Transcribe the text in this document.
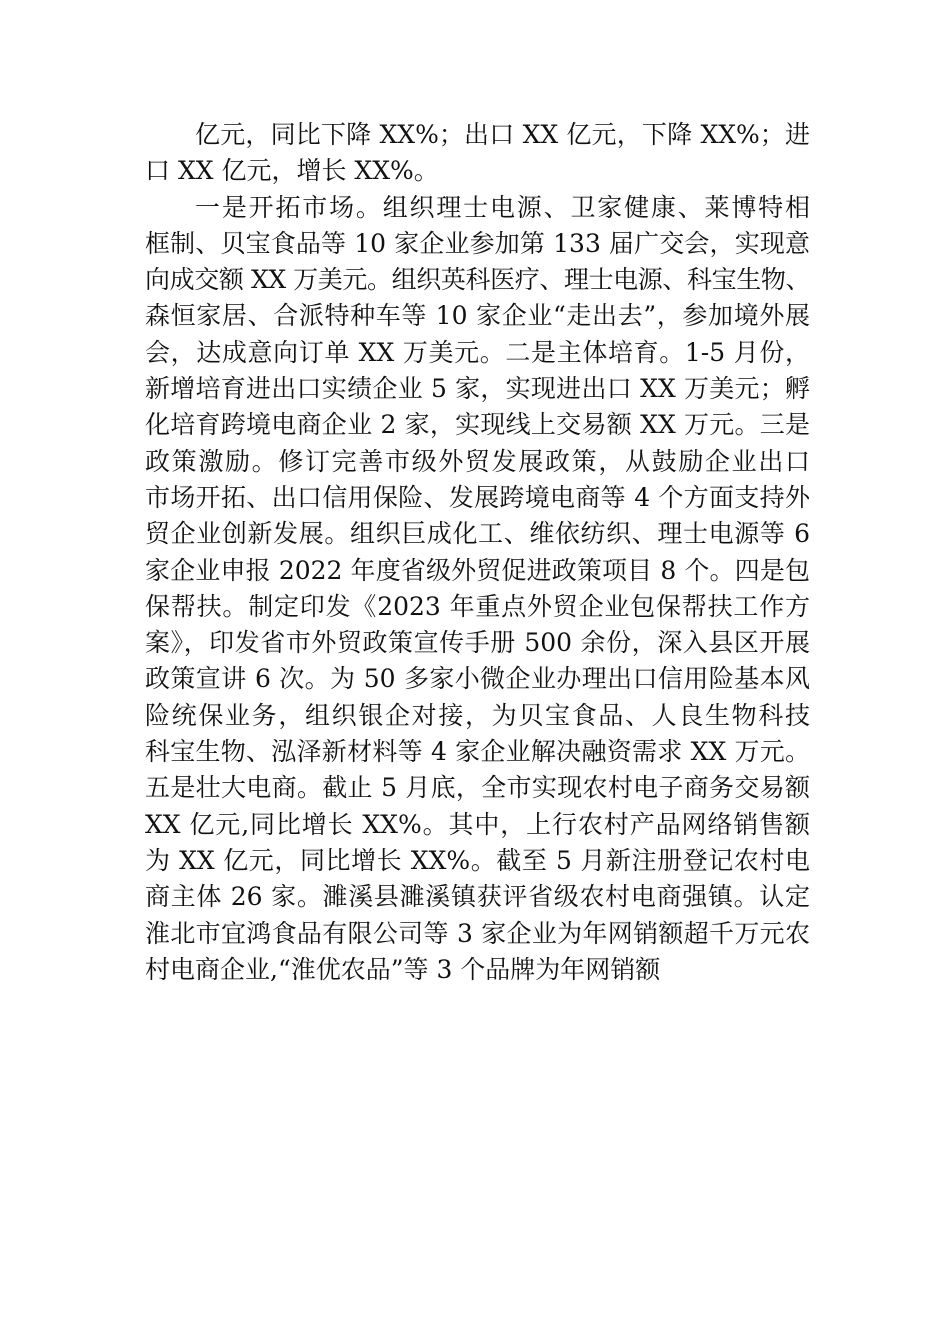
亿元，同比下降 XX%；出口 XX 亿元，下降 XX%；进
口 XX 亿元，增长 XX%。
一是开拓市场。组织理士电源、卫家健康、莱博特相
框制、贝宝食品等 10 家企业参加第 133 届广交会，实现意
向成交额 XX 万美元。组织英科医疗、理士电源、科宝生物、
森恒家居、合派特种车等 10 家企业“走出去”，参加境外展
会，达成意向订单 XX 万美元。二是主体培育。1-5 月份，
新增培育进出口实绩企业 5 家，实现进出口 XX 万美元；孵
化培育跨境电商企业 2 家，实现线上交易额 XX 万元。三是
政策激励。修订完善市级外贸发展政策，从鼓励企业出口
市场开拓、出口信用保险、发展跨境电商等 4 个方面支持外
贸企业创新发展。组织巨成化工、维依纺织、理士电源等 6
家企业申报 2022 年度省级外贸促进政策项目 8 个。四是包
保帮扶。制定印发《2023 年重点外贸企业包保帮扶工作方
案》，印发省市外贸政策宣传手册 500 余份，深入县区开展
政策宣讲 6 次。为 50 多家小微企业办理出口信用险基本风
险统保业务，组织银企对接，为贝宝食品、人良生物科技
科宝生物、泓泽新材料等 4 家企业解决融资需求 XX 万元。
五是壮大电商。截止 5 月底，全市实现农村电子商务交易额
XX 亿元,同比增长 XX%。其中，上行农村产品网络销售额
为 XX 亿元，同比增长 XX%。截至 5 月新注册登记农村电
商主体 26 家。濉溪县濉溪镇获评省级农村电商强镇。认定
淮北市宜鸿食品有限公司等 3 家企业为年网销额超千万元农
村电商企业,“淮优农品”等 3 个品牌为年网销额
